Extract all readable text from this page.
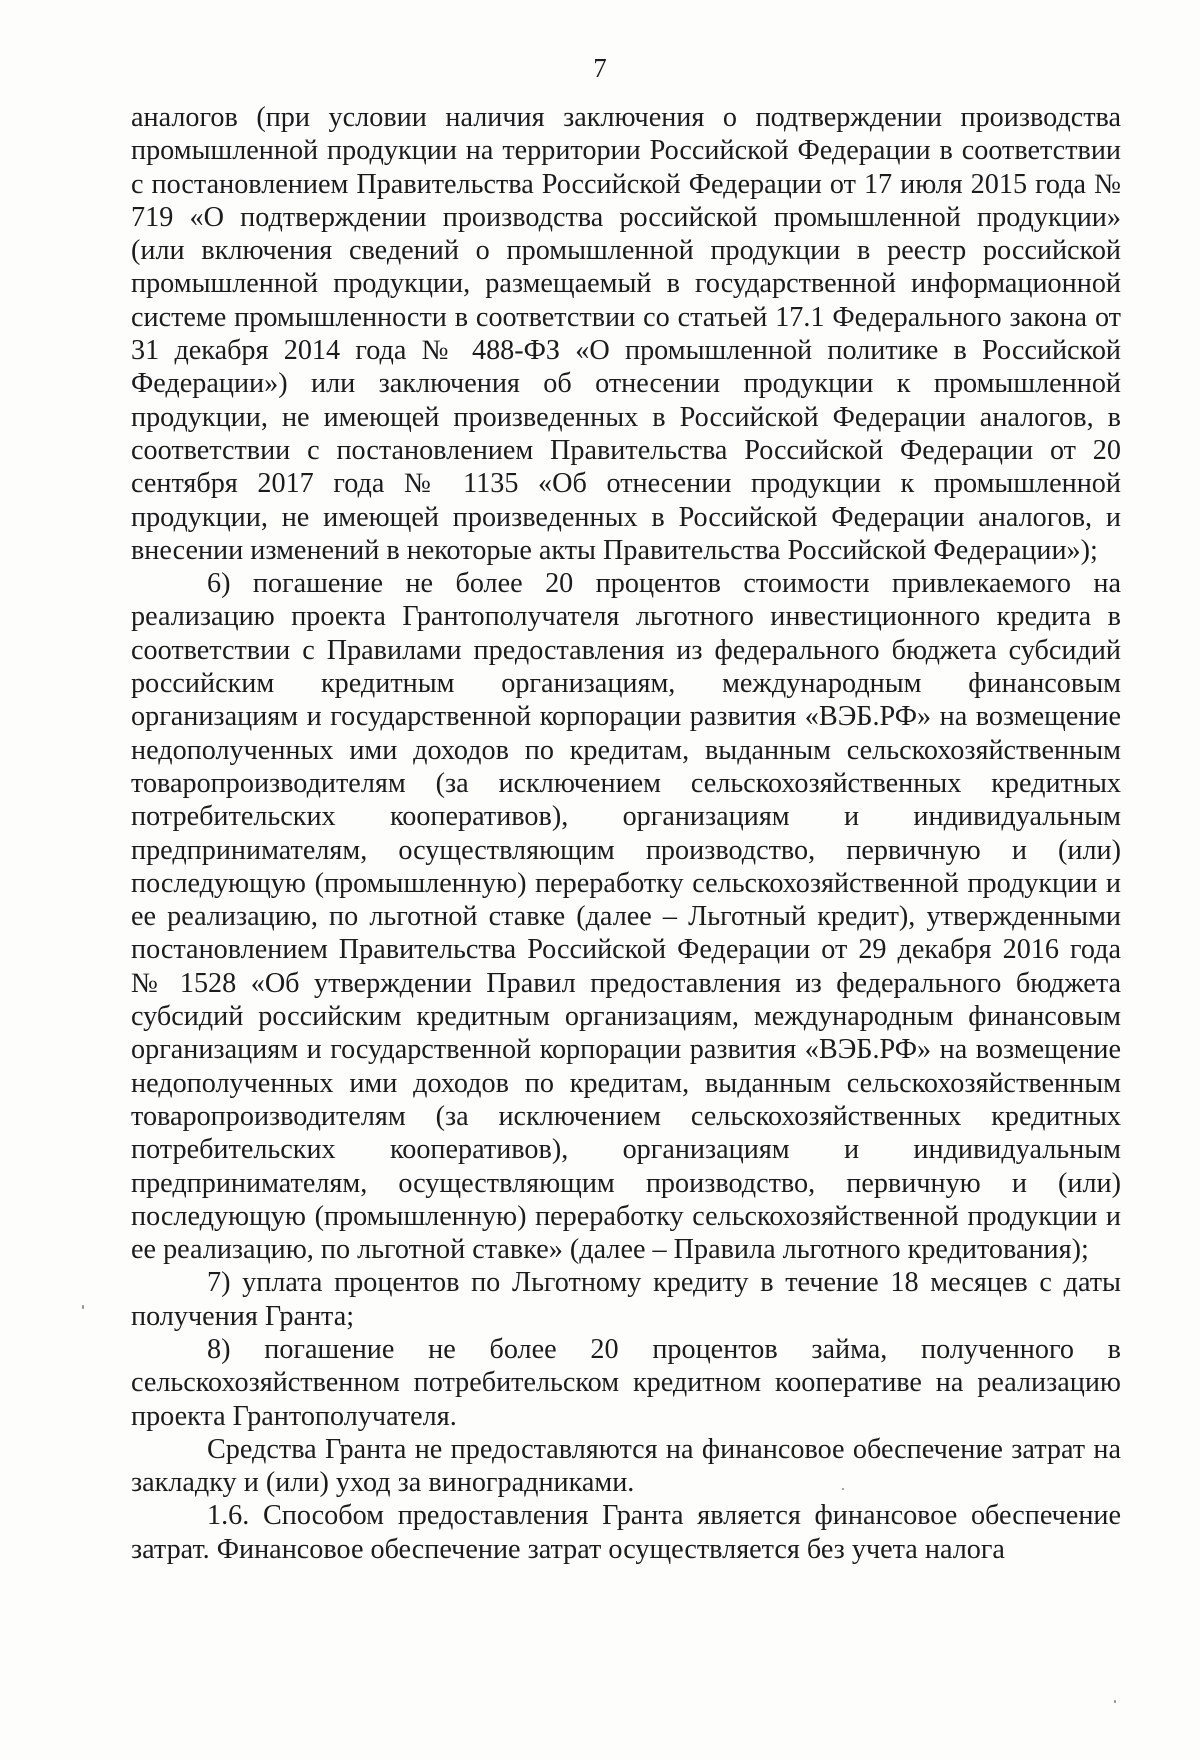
7

аналогов (при условии наличия заключения о подтверждении производства промышленной продукции на территории Российской Федерации в соответствии с постановлением Правительства Российской Федерации от 17 июля 2015 года № 719 «О подтверждении производства российской промышленной продукции» (или включения сведений о промышленной продукции в реестр российской промышленной продукции, размещаемый в государственной информационной системе промышленности в соответствии со статьей 17.1 Федерального закона от 31 декабря 2014 года № 488-ФЗ «О промышленной политике в Российской Федерации») или заключения об отнесении продукции к промышленной продукции, не имеющей произведенных в Российской Федерации аналогов, в соответствии с постановлением Правительства Российской Федерации от 20 сентября 2017 года № 1135 «Об отнесении продукции к промышленной продукции, не имеющей произведенных в Российской Федерации аналогов, и внесении изменений в некоторые акты Правительства Российской Федерации»);

6) погашение не более 20 процентов стоимости привлекаемого на реализацию проекта Грантополучателя льготного инвестиционного кредита в соответствии с Правилами предоставления из федерального бюджета субсидий российским кредитным организациям, международным финансовым организациям и государственной корпорации развития «ВЭБ.РФ» на возмещение недополученных ими доходов по кредитам, выданным сельскохозяйственным товаропроизводителям (за исключением сельскохозяйственных кредитных потребительских кооперативов), организациям и индивидуальным предпринимателям, осуществляющим производство, первичную и (или) последующую (промышленную) переработку сельскохозяйственной продукции и ее реализацию, по льготной ставке (далее – Льготный кредит), утвержденными постановлением Правительства Российской Федерации от 29 декабря 2016 года № 1528 «Об утверждении Правил предоставления из федерального бюджета субсидий российским кредитным организациям, международным финансовым организациям и государственной корпорации развития «ВЭБ.РФ» на возмещение недополученных ими доходов по кредитам, выданным сельскохозяйственным товаропроизводителям (за исключением сельскохозяйственных кредитных потребительских кооперативов), организациям и индивидуальным предпринимателям, осуществляющим производство, первичную и (или) последующую (промышленную) переработку сельскохозяйственной продукции и ее реализацию, по льготной ставке» (далее – Правила льготного кредитования);

7) уплата процентов по Льготному кредиту в течение 18 месяцев с даты получения Гранта;

8) погашение не более 20 процентов займа, полученного в сельскохозяйственном потребительском кредитном кооперативе на реализацию проекта Грантополучателя.

Средства Гранта не предоставляются на финансовое обеспечение затрат на закладку и (или) уход за виноградниками.

1.6. Способом предоставления Гранта является финансовое обеспечение затрат. Финансовое обеспечение затрат осуществляется без учета налога
